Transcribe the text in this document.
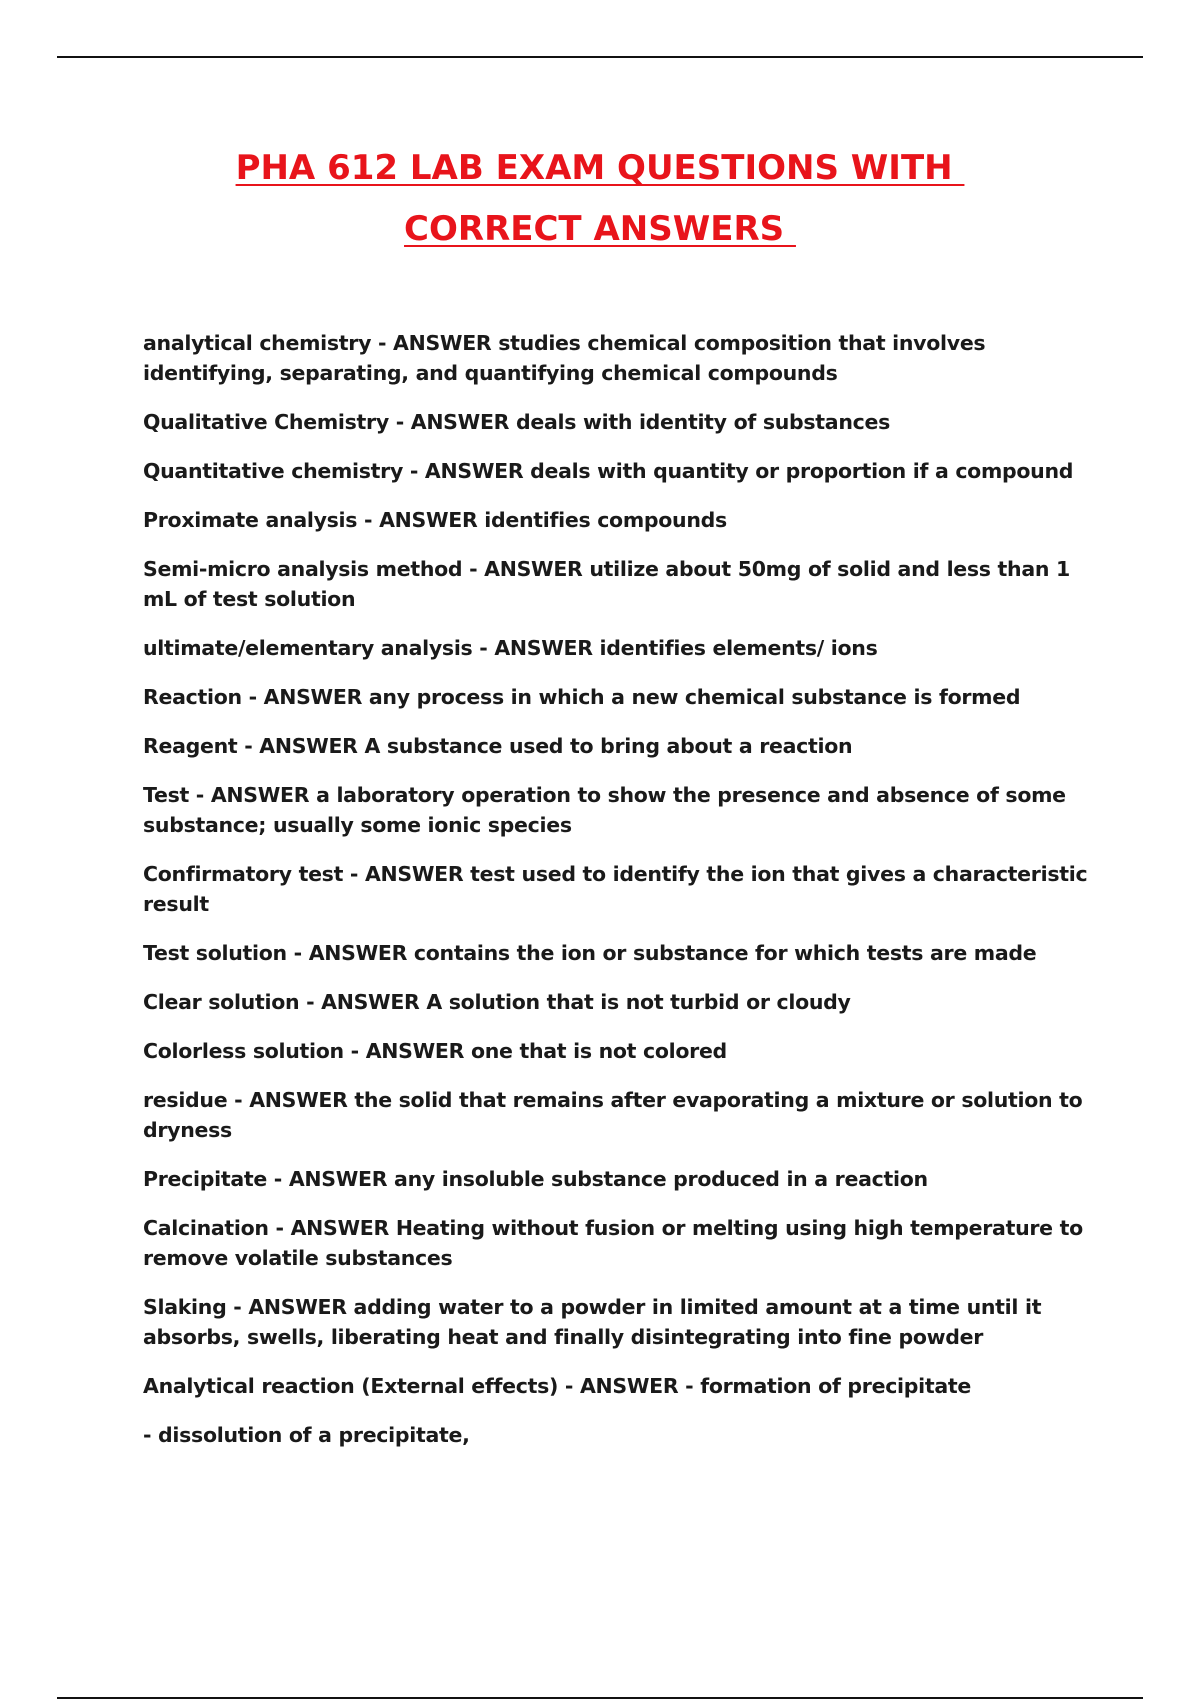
PHA 612 LAB EXAM QUESTIONS WITH
CORRECT ANSWERS
analytical chemistry - ANSWER studies chemical composition that involves identifying, separating, and quantifying chemical compounds
Qualitative Chemistry - ANSWER deals with identity of substances
Quantitative chemistry - ANSWER deals with quantity or proportion if a compound
Proximate analysis - ANSWER identifies compounds
Semi-micro analysis method - ANSWER utilize about 50mg of solid and less than 1 mL of test solution
ultimate/elementary analysis - ANSWER identifies elements/ ions
Reaction - ANSWER any process in which a new chemical substance is formed
Reagent - ANSWER A substance used to bring about a reaction
Test - ANSWER a laboratory operation to show the presence and absence of some substance; usually some ionic species
Confirmatory test - ANSWER test used to identify the ion that gives a characteristic result
Test solution - ANSWER contains the ion or substance for which tests are made
Clear solution - ANSWER A solution that is not turbid or cloudy
Colorless solution - ANSWER one that is not colored
residue - ANSWER the solid that remains after evaporating a mixture or solution to dryness
Precipitate - ANSWER any insoluble substance produced in a reaction
Calcination - ANSWER Heating without fusion or melting using high temperature to remove volatile substances
Slaking - ANSWER adding water to a powder in limited amount at a time until it absorbs, swells, liberating heat and finally disintegrating into fine powder
Analytical reaction (External effects) - ANSWER - formation of precipitate
- dissolution of a precipitate,
